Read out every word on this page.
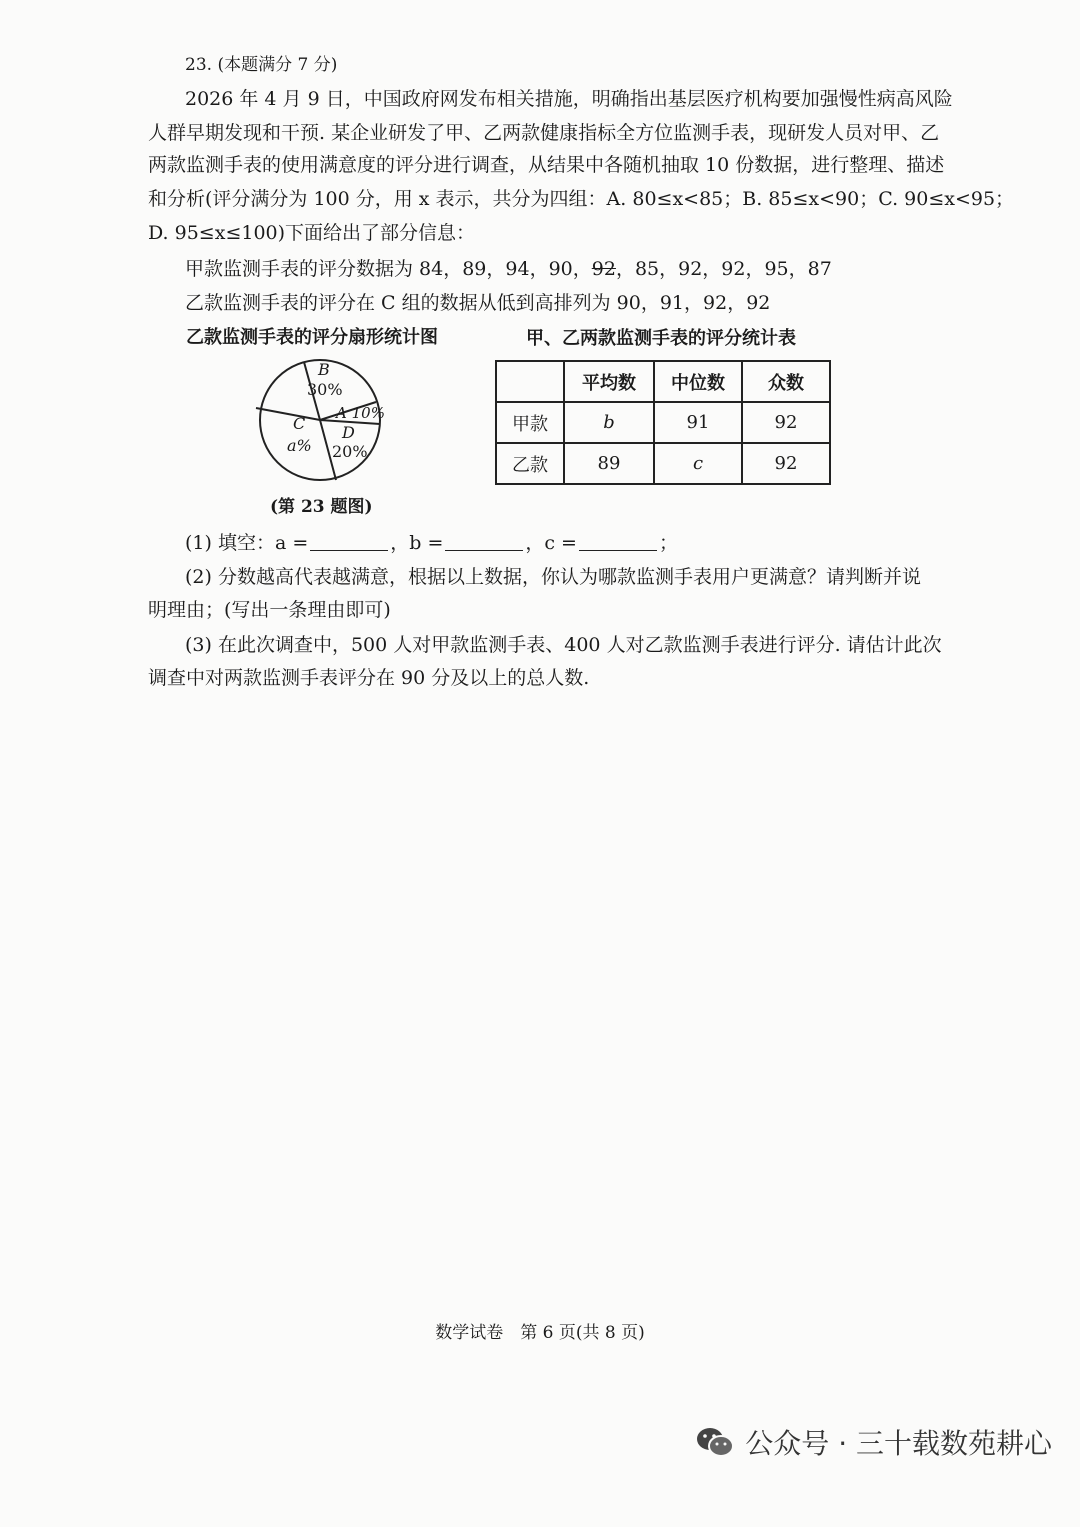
23. (本题满分 7 分)
2026 年 4 月 9 日，中国政府网发布相关措施，明确指出基层医疗机构要加强慢性病高风险
人群早期发现和干预. 某企业研发了甲、乙两款健康指标全方位监测手表，现研发人员对甲、乙
两款监测手表的使用满意度的评分进行调查，从结果中各随机抽取 10 份数据，进行整理、描述
和分析(评分满分为 100 分，用 x 表示，共分为四组：A. 80≤x<85；B. 85≤x<90；C. 90≤x<95；
D. 95≤x≤100)下面给出了部分信息：
甲款监测手表的评分数据为 84，89，94，90，92，85，92，92，95，87
乙款监测手表的评分在 C 组的数据从低到高排列为 90，91，92，92
乙款监测手表的评分扇形统计图	甲、乙两款监测手表的评分统计表
B
30%
A 10%
C
a%
D
20%
(第 23 题图)
	平均数	中位数	众数
甲款	b	91	92
乙款	89	c	92
(1) 填空：a =	，b =	，c =	；
(2) 分数越高代表越满意，根据以上数据，你认为哪款监测手表用户更满意？请判断并说
明理由；(写出一条理由即可)
(3) 在此次调查中，500 人对甲款监测手表、400 人对乙款监测手表进行评分. 请估计此次
调查中对两款监测手表评分在 90 分及以上的总人数.
数学试卷　第 6 页(共 8 页)
公众号 · 三十载数苑耕心
